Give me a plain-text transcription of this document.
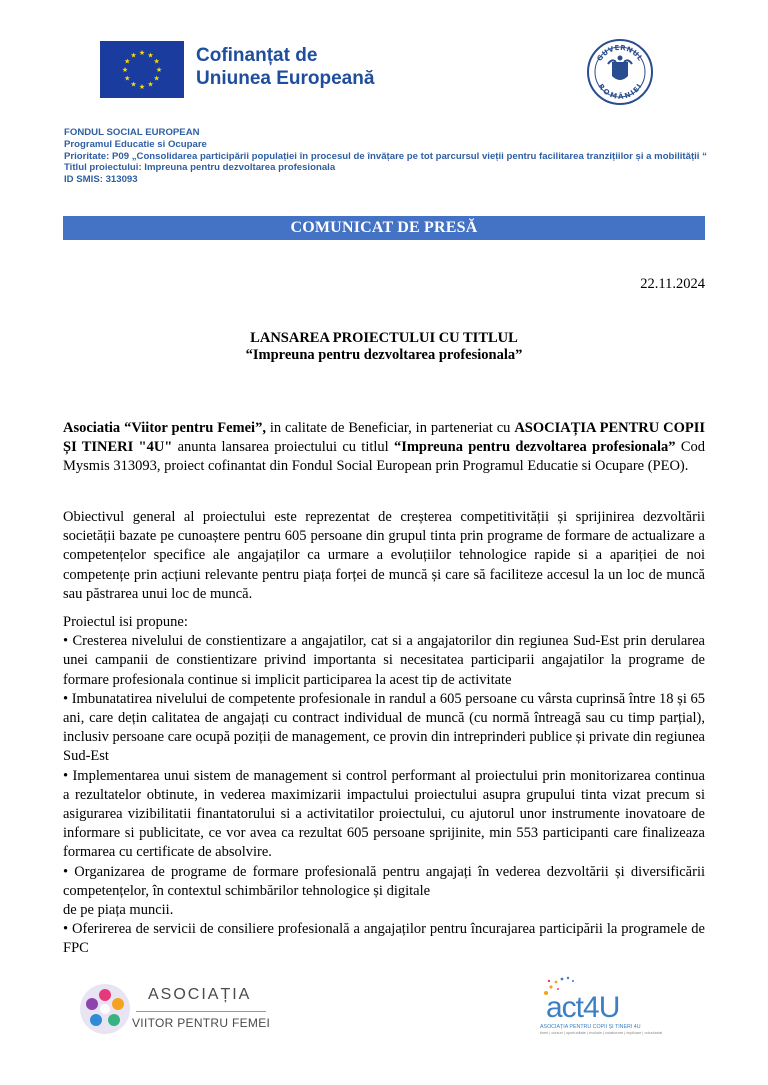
★ ★
★
★
★
★
★
★
★
★
★
★	Cofinanțat de
Uniunea Europeană
GUVERNUL
ROMÂNIEI
FONDUL SOCIAL EUROPEAN
Programul Educatie si Ocupare
Prioritate: P09 „Consolidarea participării populației în procesul de învățare pe tot parcursul vieții pentru facilitarea tranzițiilor și a mobilității “
Titlul proiectului: Impreuna pentru dezvoltarea profesionala
ID SMIS: 313093
COMUNICAT DE PRESĂ
22.11.2024
LANSAREA PROIECTULUI CU TITLUL
“Impreuna pentru dezvoltarea profesionala”
Asociatia “Viitor pentru Femei”, in calitate de Beneficiar, in parteneriat cu ASOCIAȚIA PENTRU COPII ȘI TINERI "4U" anunta lansarea proiectului cu titlul “Impreuna pentru dezvoltarea profesionala” Cod Mysmis 313093, proiect cofinantat din Fondul Social European prin Programul Educatie si Ocupare (PEO).
Obiectivul general al proiectului este reprezentat de creșterea competitivității și sprijinirea dezvoltării societății bazate pe cunoaștere pentru 605 persoane din grupul tinta prin programe de formare de actualizare a competențelor specifice ale angajaților ca urmare a evoluțiilor tehnologice rapide si a apariției de noi competențe prin acțiuni relevante pentru piața forței de muncă și care să faciliteze accesul la un loc de muncă sau păstrarea unui loc de muncă.
Proiectul isi propune:
• Cresterea nivelului de constientizare a angajatilor, cat si a angajatorilor din regiunea Sud-Est prin derularea unei campanii de constientizare privind importanta si necesitatea participarii angajatilor la programe de formare profesionala continue si implicit participarea la acest tip de activitate
• Imbunatatirea nivelului de competente profesionale in randul a 605 persoane cu vârsta cuprinsă între 18 și 65 ani, care dețin calitatea de angajați cu contract individual de muncă (cu normă întreagă sau cu timp parțial), inclusiv persoane care ocupă poziții de management, ce provin din intreprinderi publice și private din regiunea Sud-Est
• Implementarea unui sistem de management si control performant al proiectului prin monitorizarea continua a rezultatelor obtinute, in vederea maximizarii impactului proiectului asupra grupului tinta vizat precum si asigurarea vizibilitatii finantatorului si a activitatilor proiectului, cu ajutorul unor instrumente inovatoare de informare si publicitate, ce vor avea ca rezultat 605 persoane sprijinite, min 553 participanti care finalizeaza formarea cu certificate de absolvire.
• Organizarea de programe de formare profesională pentru angajați în vederea dezvoltării și diversificării competențelor, în contextul schimbărilor tehnologice și digitale
de pe piața muncii.
• Oferirerea de servicii de consiliere profesională a angajaților pentru încurajarea participării la programele de FPC
ASOCIAȚIA
VIITOR PENTRU FEMEI	act4U
ASOCIAȚIA PENTRU COPII ȘI TINERI 4U
tineri | cursuri | oportunitate | evoluție | colaborare | implicare | voluntariat
